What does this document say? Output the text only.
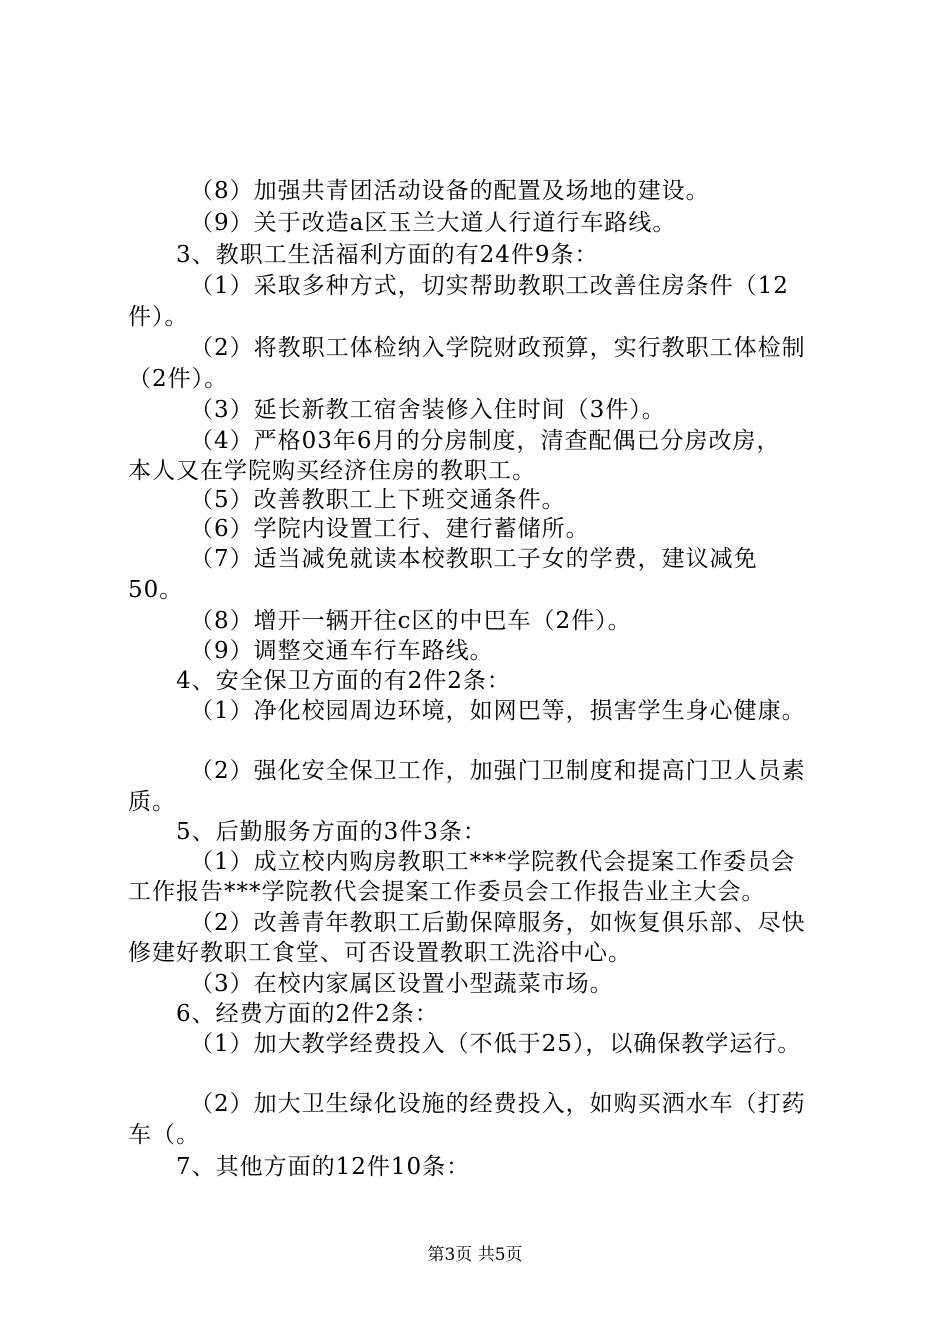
（8）加强共青团活动设备的配置及场地的建设。
（9）关于改造a区玉兰大道人行道行车路线。
3、教职工生活福利方面的有24件9条：
（1）采取多种方式，切实帮助教职工改善住房条件（12
件）。
（2）将教职工体检纳入学院财政预算，实行教职工体检制
（2件）。
（3）延长新教工宿舍装修入住时间（3件）。
（4）严格03年6月的分房制度，清查配偶已分房改房，
本人又在学院购买经济住房的教职工。
（5）改善教职工上下班交通条件。
（6）学院内设置工行、建行蓄储所。
（7）适当减免就读本校教职工子女的学费，建议减免
50。
（8）增开一辆开往c区的中巴车（2件）。
（9）调整交通车行车路线。
4、安全保卫方面的有2件2条：
（1）净化校园周边环境，如网巴等，损害学生身心健康。
（2）强化安全保卫工作，加强门卫制度和提高门卫人员素
质。
5、后勤服务方面的3件3条：
（1）成立校内购房教职工***学院教代会提案工作委员会
工作报告***学院教代会提案工作委员会工作报告业主大会。
（2）改善青年教职工后勤保障服务，如恢复俱乐部、尽快
修建好教职工食堂、可否设置教职工洗浴中心。
（3）在校内家属区设置小型蔬菜市场。
6、经费方面的2件2条：
（1）加大教学经费投入（不低于25），以确保教学运行。
（2）加大卫生绿化设施的经费投入，如购买洒水车（打药
车（。
7、其他方面的12件10条：
第3页 共5页
